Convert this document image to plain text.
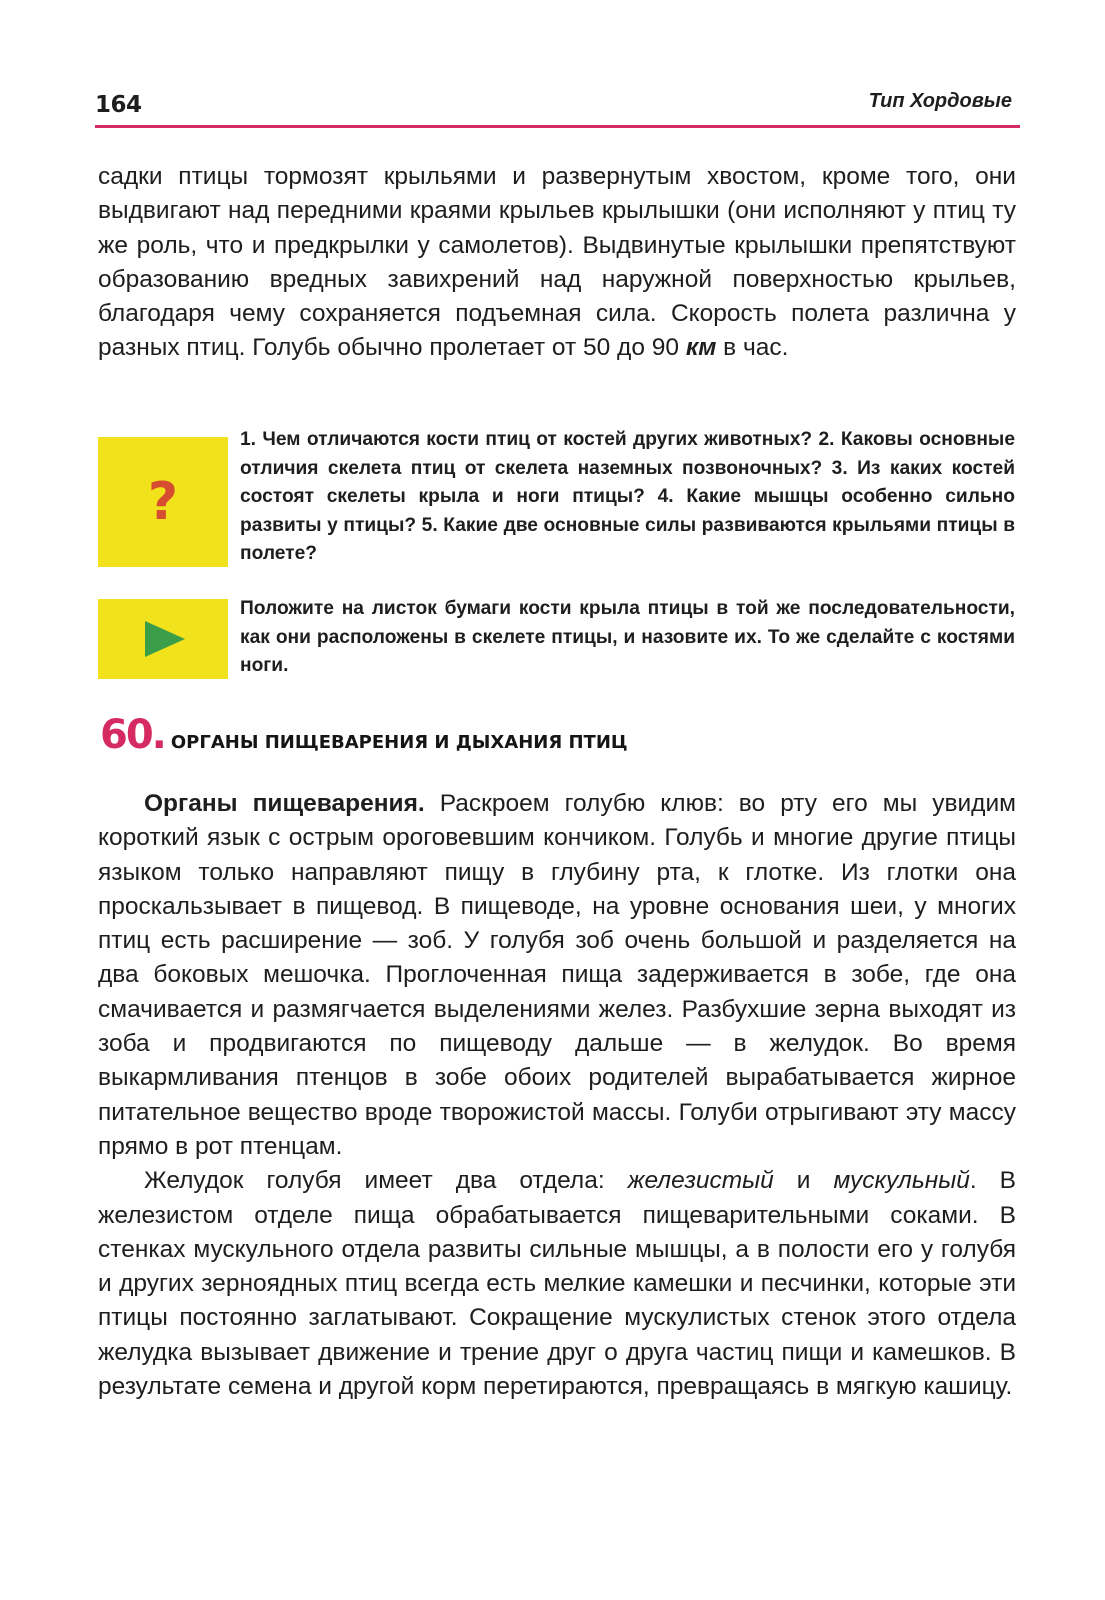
164	Тип Хордовые
садки птицы тормозят крыльями и развернутым хвостом, кроме того, они выдвигают над передними краями крыльев крылышки (они исполняют у птиц ту же роль, что и предкрылки у самолетов). Выдвинутые крылышки препятствуют образованию вредных завихрений над наружной поверхностью крыльев, благодаря чему сохраняется подъемная сила. Скорость полета различна у разных птиц. Голубь обычно пролетает от 50 до 90 км в час.
?
1. Чем отличаются кости птиц от костей других животных? 2. Каковы основные отличия скелета птиц от скелета наземных позвоночных? 3. Из каких костей состоят скелеты крыла и ноги птицы? 4. Какие мышцы особенно сильно развиты у птицы? 5. Какие две основные силы развиваются крыльями птицы в полете?
Положите на листок бумаги кости крыла птицы в той же последовательности, как они расположены в скелете птицы, и назовите их. То же сделайте с костями ноги.
60. ОРГАНЫ ПИЩЕВАРЕНИЯ И ДЫХАНИЯ ПТИЦ

Органы пищеварения. Раскроем голубю клюв: во рту его мы увидим короткий язык с острым ороговевшим кончиком. Голубь и многие другие птицы языком только направляют пищу в глубину рта, к глотке. Из глотки она проскальзывает в пищевод. В пищеводе, на уровне основания шеи, у многих птиц есть расширение — зоб. У голубя зоб очень большой и разделяется на два боковых мешочка. Проглоченная пища задерживается в зобе, где она смачивается и размягчается выделениями желез. Разбухшие зерна выходят из зоба и продвигаются по пищеводу дальше — в желудок. Во время выкармливания птенцов в зобе обоих родителей вырабатывается жирное питательное вещество вроде творожистой массы. Голуби отрыгивают эту массу прямо в рот птенцам.

Желудок голубя имеет два отдела: железистый и мускульный. В железистом отделе пища обрабатывается пищеварительными соками. В стенках мускульного отдела развиты сильные мышцы, а в полости его у голубя и других зерноядных птиц всегда есть мелкие камешки и песчинки, которые эти птицы постоянно заглатывают. Сокращение мускулистых стенок этого отдела желудка вызывает движение и трение друг о друга частиц пищи и камешков. В результате семена и другой корм перетираются, превращаясь в мягкую кашицу.
